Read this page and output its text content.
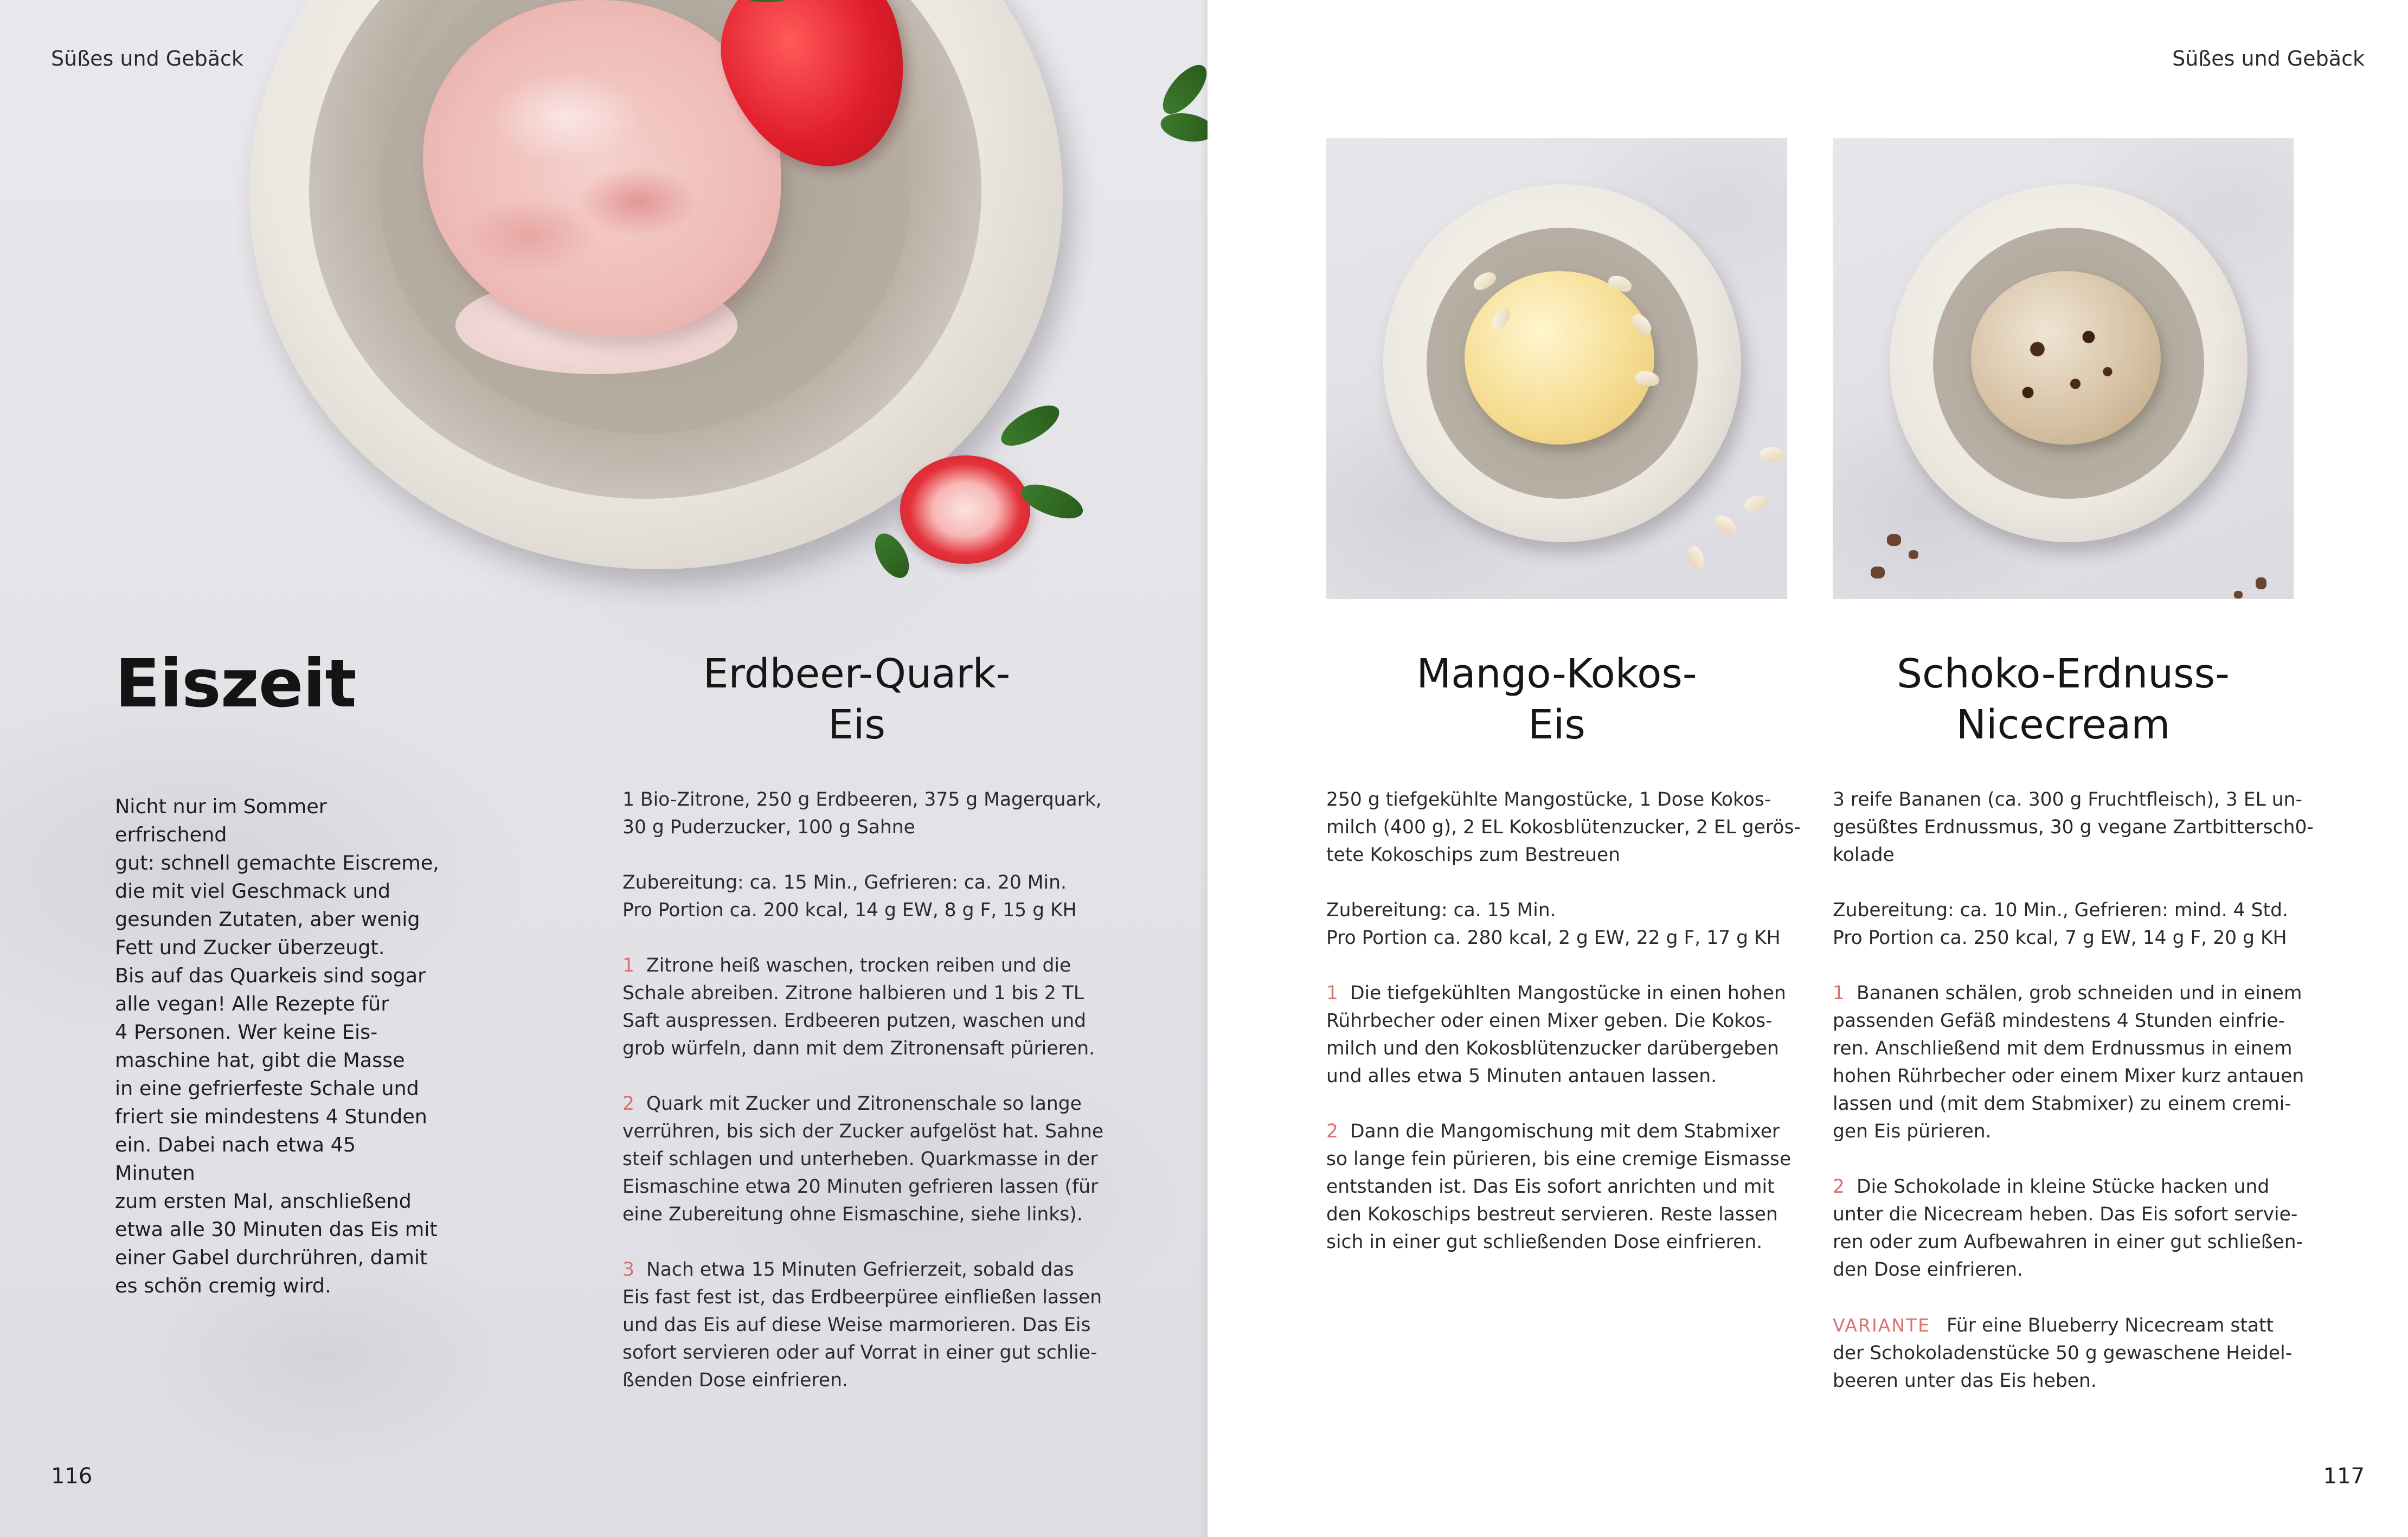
Süßes und Gebäck
Eiszeit
Nicht nur im Sommer erfrischend
gut: schnell gemachte Eiscreme,
die mit viel Geschmack und
gesunden Zutaten, aber wenig
Fett und Zucker überzeugt.
Bis auf das Quarkeis sind sogar
alle vegan! Alle Rezepte für
4 Personen. Wer keine Eis-
maschine hat, gibt die Masse
in eine gefrierfeste Schale und
friert sie mindestens 4 Stunden
ein. Dabei nach etwa 45 Minuten
zum ersten Mal, anschließend
etwa alle 30 Minuten das Eis mit
einer Gabel durchrühren, damit
es schön cremig wird.
Erdbeer-Quark-
Eis

1 Bio-Zitrone, 250 g Erdbeeren, 375 g Magerquark,
30 g Puderzucker, 100 g Sahne

Zubereitung: ca. 15 Min., Gefrieren: ca. 20 Min.
Pro Portion ca. 200 kcal, 14 g EW, 8 g F, 15 g KH

1 Zitrone heiß waschen, trocken reiben und die
Schale abreiben. Zitrone halbieren und 1 bis 2 TL
Saft auspressen. Erdbeeren putzen, waschen und
grob würfeln, dann mit dem Zitronensaft pürieren.

2 Quark mit Zucker und Zitronenschale so lange
verrühren, bis sich der Zucker aufgelöst hat. Sahne
steif schlagen und unterheben. Quarkmasse in der
Eismaschine etwa 20 Minuten gefrieren lassen (für
eine Zubereitung ohne Eismaschine, siehe links).

3 Nach etwa 15 Minuten Gefrierzeit, sobald das
Eis fast fest ist, das Erdbeerpüree einfließen lassen
und das Eis auf diese Weise marmorieren. Das Eis
sofort servieren oder auf Vorrat in einer gut schlie-
ßenden Dose einfrieren.

116
Süßes und Gebäck
Mango-Kokos-
Eis

250 g tiefgekühlte Mangostücke, 1 Dose Kokos-
milch (400 g), 2 EL Kokosblütenzucker, 2 EL gerös-
tete Kokoschips zum Bestreuen

Zubereitung: ca. 15 Min.
Pro Portion ca. 280 kcal, 2 g EW, 22 g F, 17 g KH

1 Die tiefgekühlten Mangostücke in einen hohen
Rührbecher oder einen Mixer geben. Die Kokos-
milch und den Kokosblütenzucker darübergeben
und alles etwa 5 Minuten antauen lassen.

2 Dann die Mangomischung mit dem Stabmixer
so lange fein pürieren, bis eine cremige Eismasse
entstanden ist. Das Eis sofort anrichten und mit
den Kokoschips bestreut servieren. Reste lassen
sich in einer gut schließenden Dose einfrieren.

Schoko-Erdnuss-
Nicecream

3 reife Bananen (ca. 300 g Fruchtfleisch), 3 EL un-
gesüßtes Erdnussmus, 30 g vegane Zartbittersch0-
kolade

Zubereitung: ca. 10 Min., Gefrieren: mind. 4 Std.
Pro Portion ca. 250 kcal, 7 g EW, 14 g F, 20 g KH

1 Bananen schälen, grob schneiden und in einem
passenden Gefäß mindestens 4 Stunden einfrie-
ren. Anschließend mit dem Erdnussmus in einem
hohen Rührbecher oder einem Mixer kurz antauen
lassen und (mit dem Stabmixer) zu einem cremi-
gen Eis pürieren.

2 Die Schokolade in kleine Stücke hacken und
unter die Nicecream heben. Das Eis sofort servie-
ren oder zum Aufbewahren in einer gut schließen-
den Dose einfrieren.

VARIANTE Für eine Blueberry Nicecream statt
der Schokoladenstücke 50 g gewaschene Heidel-
beeren unter das Eis heben.

117
